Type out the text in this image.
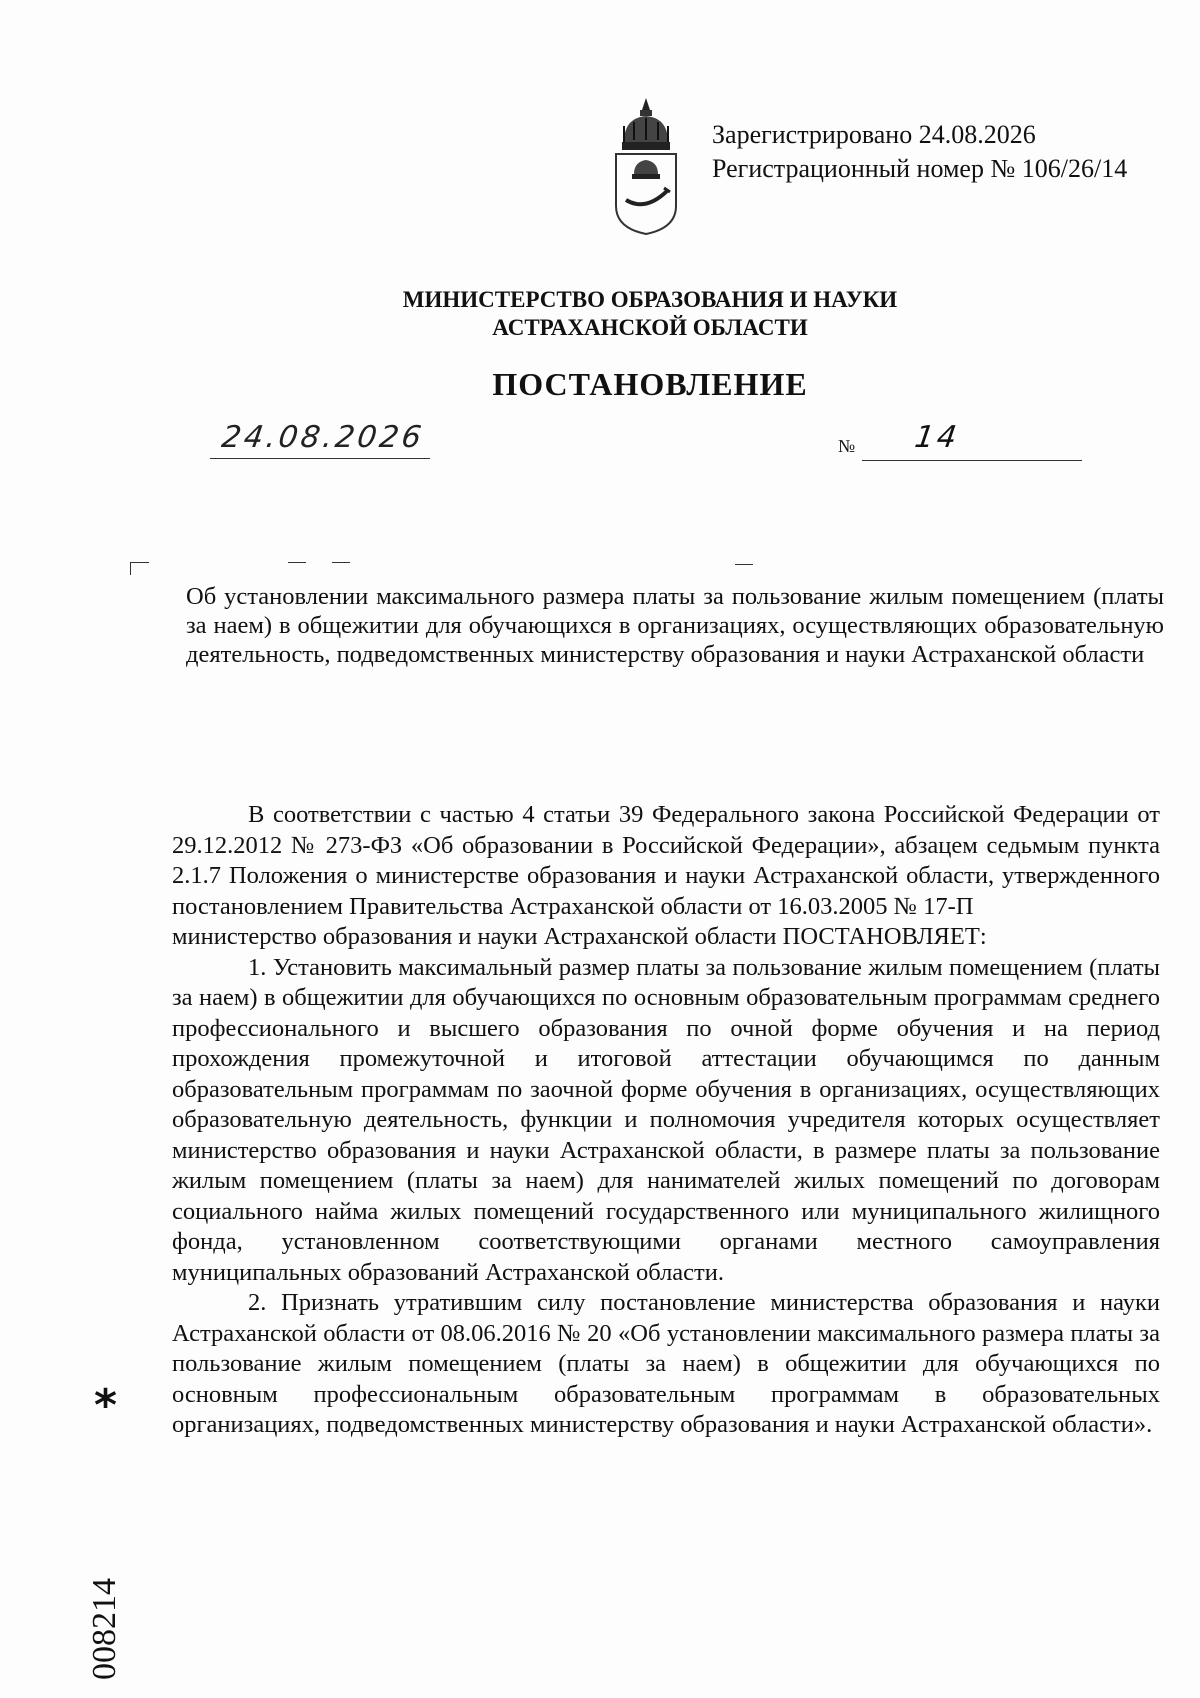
Зарегистрировано 24.08.2026
Регистрационный номер № 106/26/14
МИНИСТЕРСТВО ОБРАЗОВАНИЯ И НАУКИ
АСТРАХАНСКОЙ ОБЛАСТИ
ПОСТАНОВЛЕНИЕ
24.08.2026	№ 14
Об установлении максимального размера платы за пользование жилым помещением (платы за наем) в общежитии для обучающихся в организациях, осуществляющих образовательную деятельность, подведомственных министерству образования и науки Астраханской области

В соответствии с частью 4 статьи 39 Федерального закона Российской Федерации от 29.12.2012 № 273-ФЗ «Об образовании в Российской Федерации», абзацем седьмым пункта 2.1.7 Положения о министерстве образования и науки Астраханской области, утвержденного постановлением Правительства Астраханской области от 16.03.2005 № 17-П

министерство образования и науки Астраханской области ПОСТАНОВЛЯЕТ:

1. Установить максимальный размер платы за пользование жилым помещением (платы за наем) в общежитии для обучающихся по основным образовательным программам среднего профессионального и высшего образования по очной форме обучения и на период прохождения промежуточной и итоговой аттестации обучающимся по данным образовательным программам по заочной форме обучения в организациях, осуществляющих образовательную деятельность, функции и полномочия учредителя которых осуществляет министерство образования и науки Астраханской области, в размере платы за пользование жилым помещением (платы за наем) для нанимателей жилых помещений по договорам социального найма жилых помещений государственного или муниципального жилищного фонда, установленном соответствующими органами местного самоуправления муниципальных образований Астраханской области.

2. Признать утратившим силу постановление министерства образования и науки Астраханской области от 08.06.2016 № 20 «Об установлении максимального размера платы за пользование жилым помещением (платы за наем) в общежитии для обучающихся по основным профессиональным образовательным программам в образовательных организациях, подведомственных министерству образования и науки Астраханской области».

*
008214
